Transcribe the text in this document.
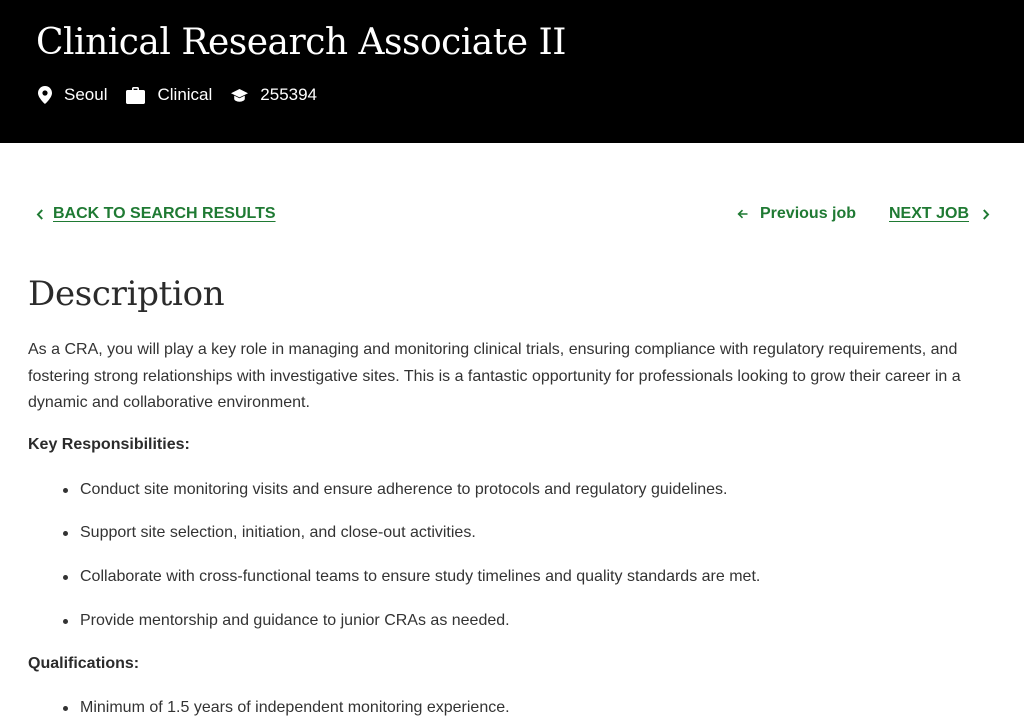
Clinical Research Associate II
Seoul	Clinical	255394
BACK TO SEARCH RESULTS	Previous job NEXT JOB
Description

As a CRA, you will play a key role in managing and monitoring clinical trials, ensuring compliance with regulatory requirements, and fostering strong relationships with investigative sites. This is a fantastic opportunity for professionals looking to grow their career in a dynamic and collaborative environment.

Key Responsibilities:
Conduct site monitoring visits and ensure adherence to protocols and regulatory guidelines.
Support site selection, initiation, and close-out activities.
Collaborate with cross-functional teams to ensure study timelines and quality standards are met.
Provide mentorship and guidance to junior CRAs as needed.
Qualifications:
Minimum of 1.5 years of independent monitoring experience.
